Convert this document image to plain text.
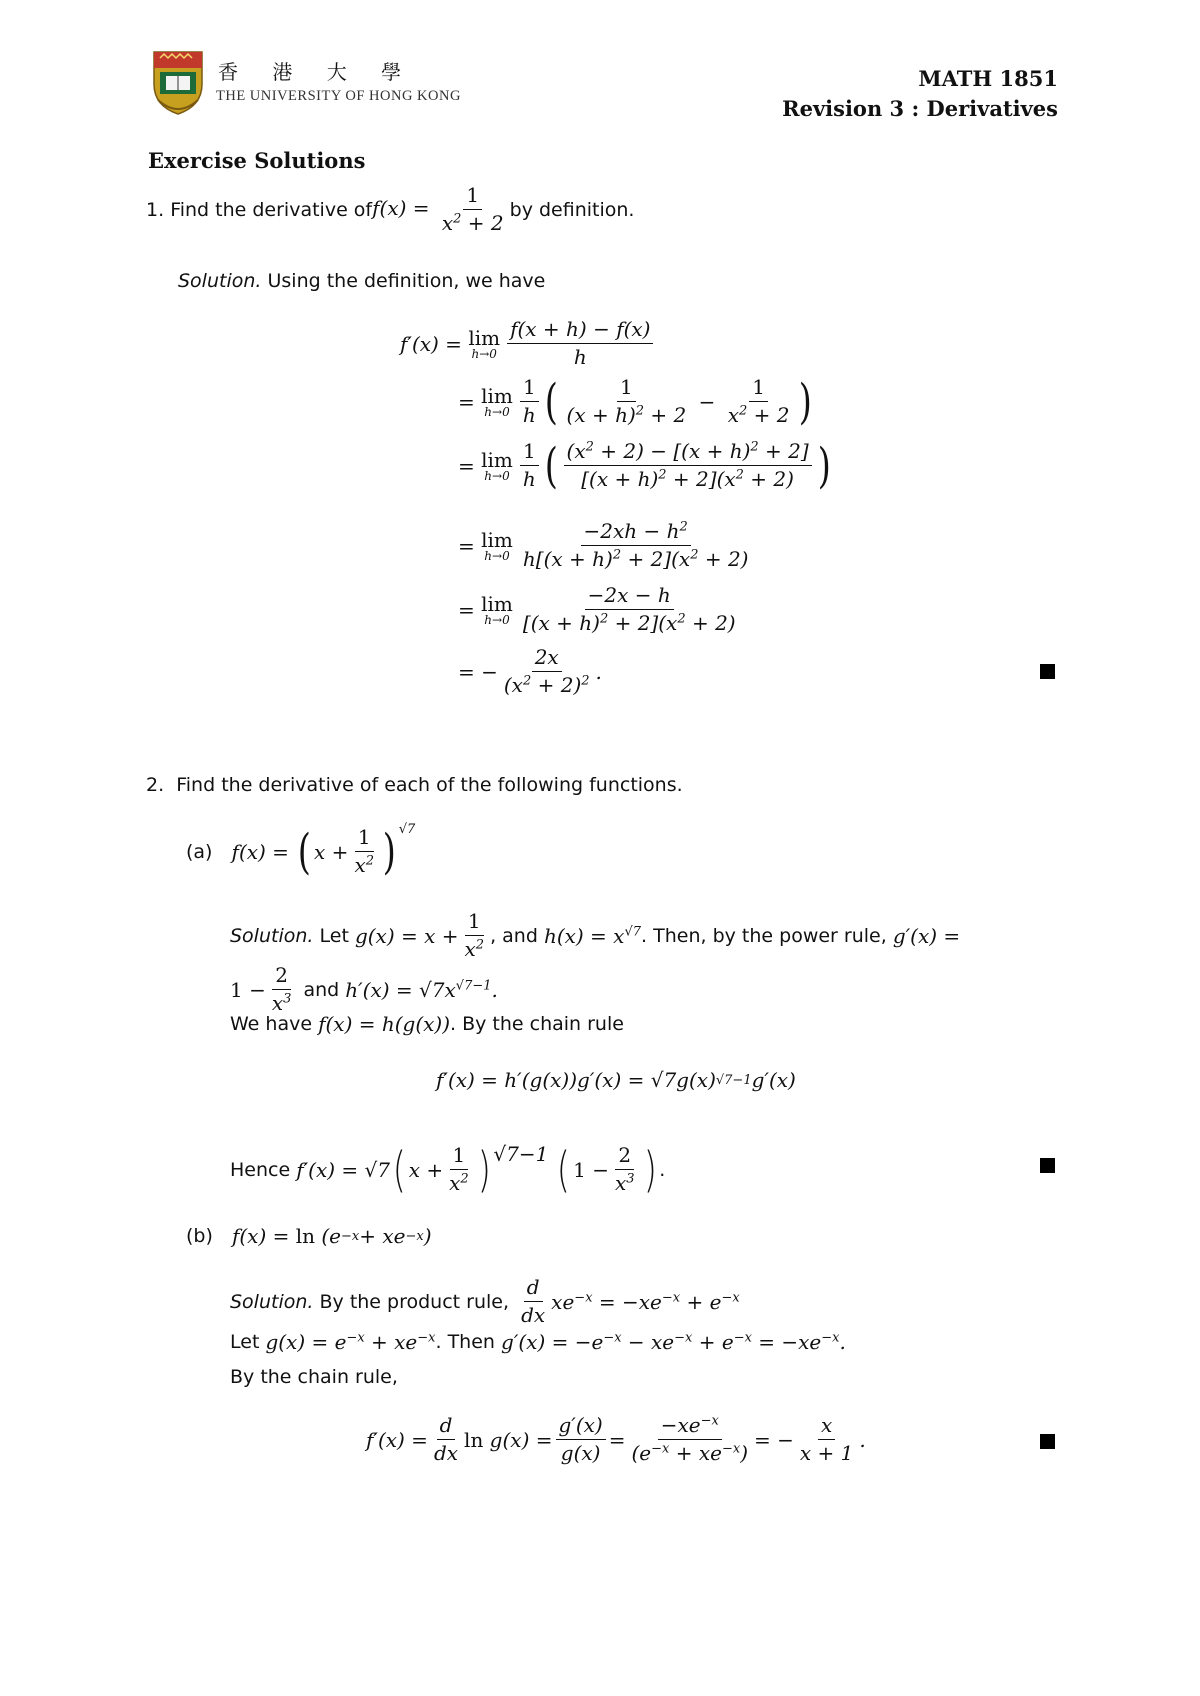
香 港 大 學
THE UNIVERSITY OF HONG KONG
MATH 1851
Revision 3 : Derivatives
Exercise Solutions
1.
Find the derivative of $f(x) = \frac{1}{x^2 + 2}$ by definition.
Solution. Using the definition, we have
f′(x) = lim
$h\to 0 \frac{f(x + h) - f(x)}{h}$
= lim
$h\to 0 \frac{1}{h}$ ( $\frac{1}{(x + h)^2 + 2} - \frac{1}{x^2 + 2}$ )
= lim
$h\to 0 \frac{1}{h}$ ( $\frac{(x^2 + 2) - [(x + h)^2 + 2]}{[(x + h)^2 + 2](x^2 + 2)}$ )
= lim
$h\to 0 \frac{-2xh - h^2}{h[(x + h)^2 + 2](x^2 + 2)}$
= lim
$h\to 0 \frac{-2x - h}{[(x + h)^2 + 2](x^2 + 2)}$
= − $\frac{2x}{(x^2 + 2)^2}$ .
2. Find the derivative of each of the following functions.
(a) f(x) = ( $x + \frac{1}{x^2} )^{√7}$
Solution.
Let
$g(x) = x + \frac{1}{x^2}$ , and
$h(x) = x^{√7}$ . Then, by the power rule,
g′(x) =
$1 - \frac{2}{x^3}$
and
$h'(x) = √7x^{√7-1}$.
We have
f(x) = h(g(x)) . By the chain rule
f′(x) = h′(g(x))g′(x) = √7g(x) √7−1 g′(x)
Hence
f′(x) = √7 ( $x + \frac{1}{x^2}$ ) √7−1
( $1 - \frac{2}{x^3}$ ) .
(b) f(x) = ln (e −x + xe −x )
Solution.
By the product rule,
$\frac{d}{dx} xe^{-x} = -xe^{-x} + e^{-x}$
Let
$g(x) = e^{-x} + xe^{-x}$ . Then
$g'(x) = -e^{-x} - xe^{-x} + e^{-x} = -xe^{-x}$.
By the chain rule,
$f'(x) = \frac{d}{dx}$ $\ln g(x) = \frac{g'(x)}{g(x)} = \frac{-xe^{-x}}{(e^{-x} + xe^{-x})}$ = − $\frac{x}{x + 1}$ .
